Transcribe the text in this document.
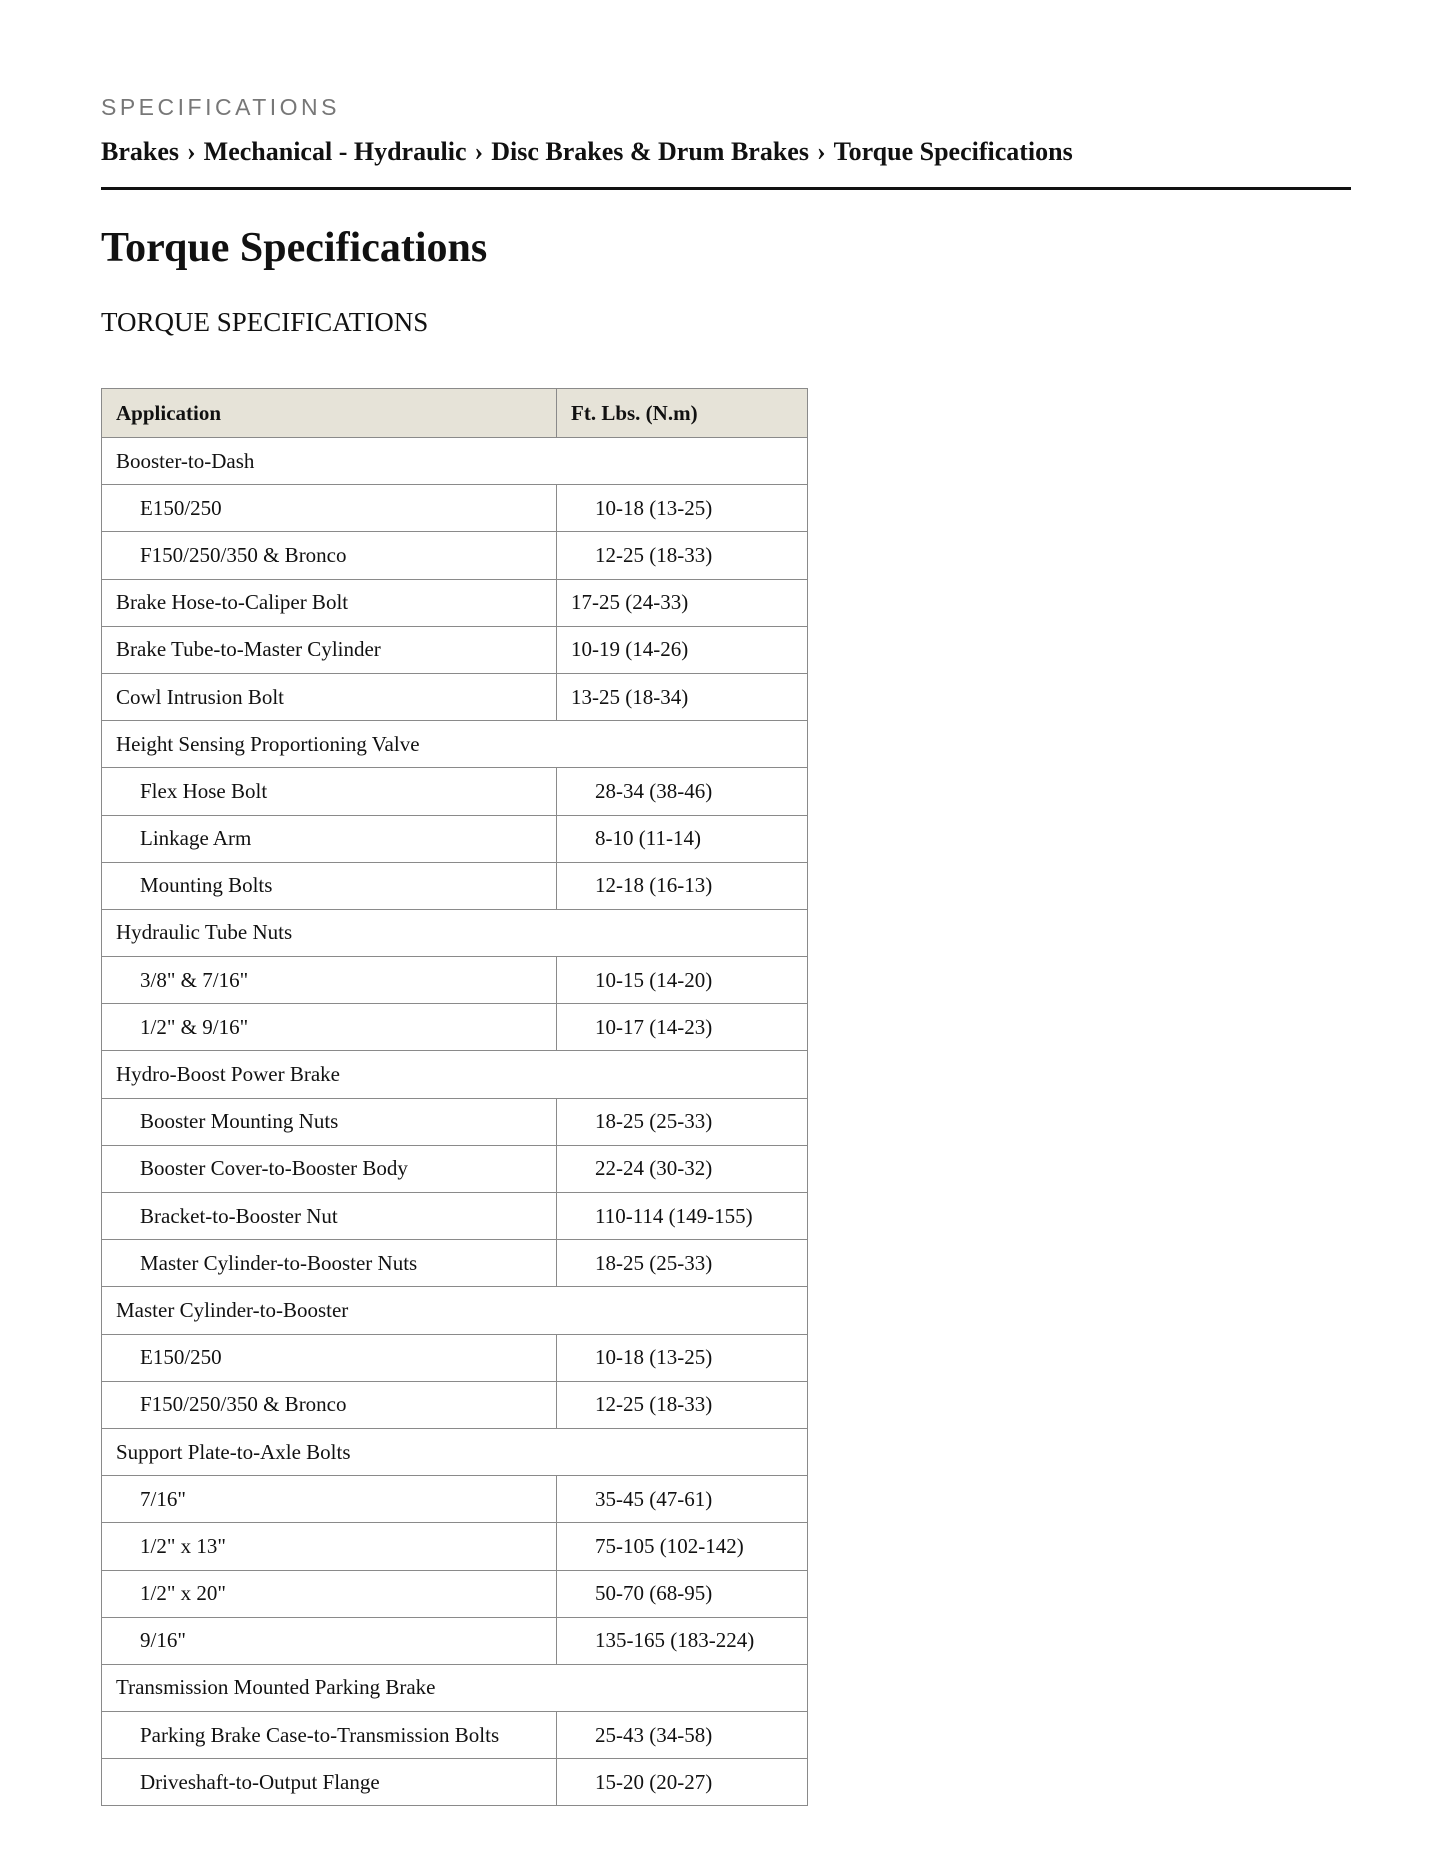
SPECIFICATIONS
Brakes › Mechanical - Hydraulic › Disc Brakes & Drum Brakes › Torque Specifications
Torque Specifications
TORQUE SPECIFICATIONS
Application	Ft. Lbs. (N.m)
Booster-to-Dash	
E150/250	10-18 (13-25)
F150/250/350 & Bronco	12-25 (18-33)
Brake Hose-to-Caliper Bolt	17-25 (24-33)
Brake Tube-to-Master Cylinder	10-19 (14-26)
Cowl Intrusion Bolt	13-25 (18-34)
Height Sensing Proportioning Valve	
Flex Hose Bolt	28-34 (38-46)
Linkage Arm	8-10 (11-14)
Mounting Bolts	12-18 (16-13)
Hydraulic Tube Nuts	
3/8" & 7/16"	10-15 (14-20)
1/2" & 9/16"	10-17 (14-23)
Hydro-Boost Power Brake	
Booster Mounting Nuts	18-25 (25-33)
Booster Cover-to-Booster Body	22-24 (30-32)
Bracket-to-Booster Nut	110-114 (149-155)
Master Cylinder-to-Booster Nuts	18-25 (25-33)
Master Cylinder-to-Booster	
E150/250	10-18 (13-25)
F150/250/350 & Bronco	12-25 (18-33)
Support Plate-to-Axle Bolts	
7/16"	35-45 (47-61)
1/2" x 13"	75-105 (102-142)
1/2" x 20"	50-70 (68-95)
9/16"	135-165 (183-224)
Transmission Mounted Parking Brake	
Parking Brake Case-to-Transmission Bolts	25-43 (34-58)
Driveshaft-to-Output Flange	15-20 (20-27)
